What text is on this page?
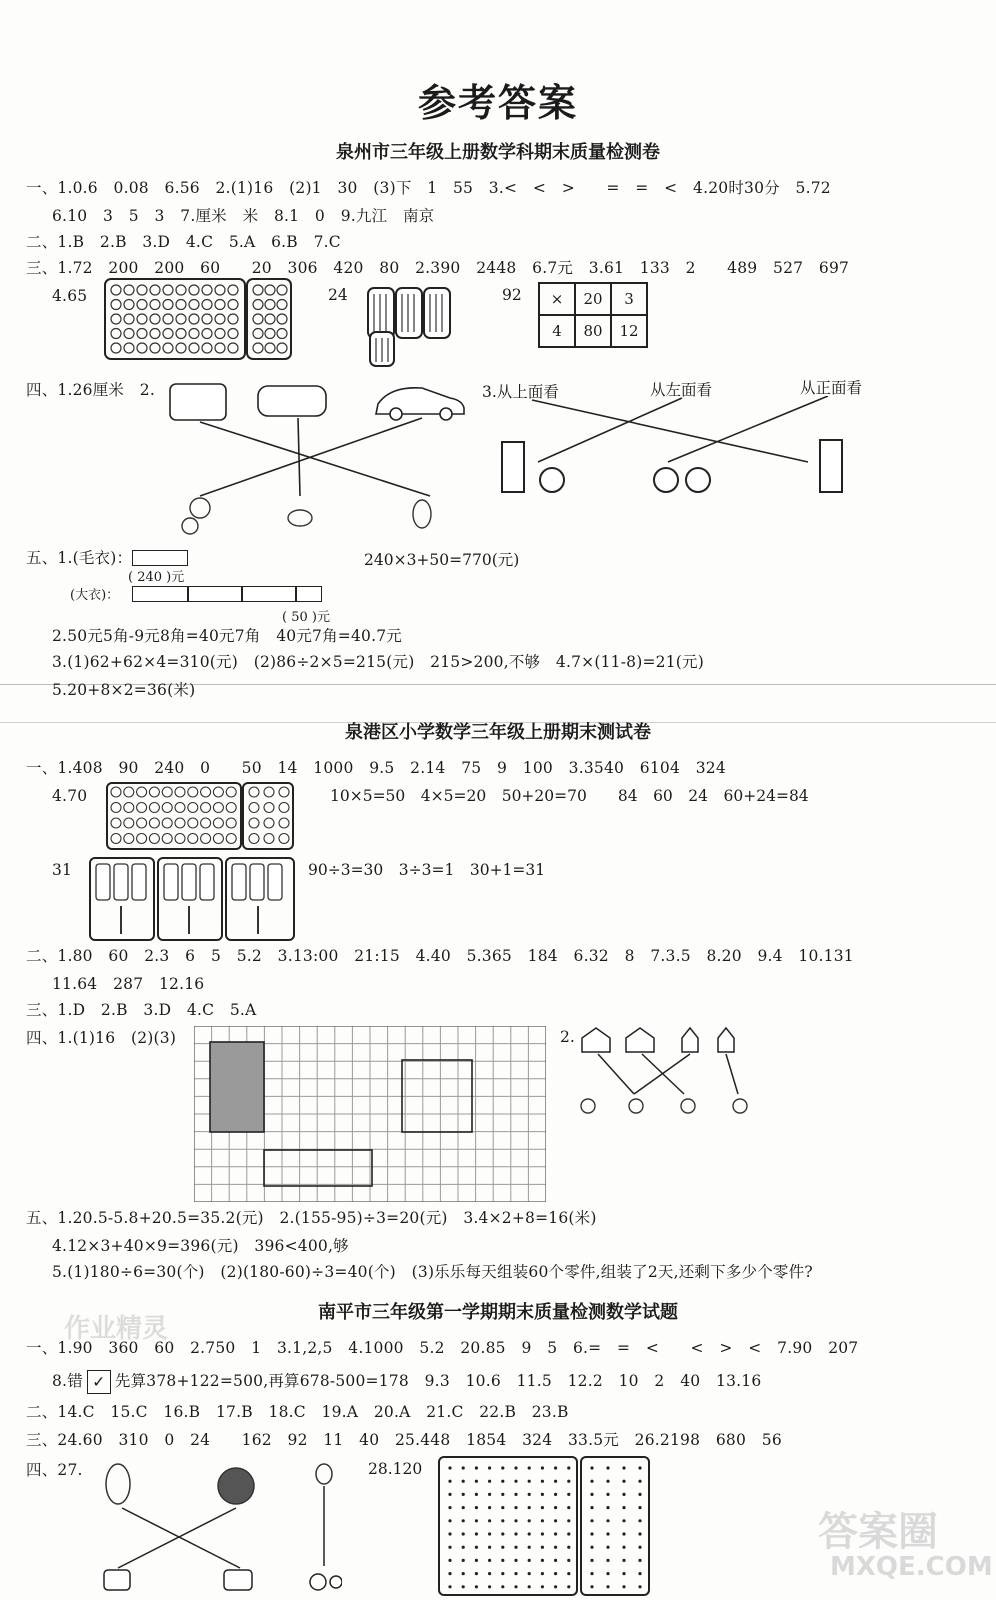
参考答案
泉州市三年级上册数学科期末质量检测卷
一、1.0.6　0.08　6.56　2.(1)16　(2)1　30　(3)下　1　55　3.<　<　>　　=　=　<　4.20时30分　5.72
6.10　3　5　3　7.厘米　米　8.1　0　9.九江　南京
二、1.B　2.B　3.D　4.C　5.A　6.B　7.C
三、1.72　200　200　60　　20　306　420　80　2.390　2448　6.7元　3.61　133　2　　489　527　697
4.65	24	92 ×	20	3
4	80	12
四、1.26厘米　2.	3.从上面看	从左面看	从正面看
五、1.(毛衣)：
( 240 )元
240×3+50=770(元)
(大衣)：
( 50 )元
2.50元5角-9元8角=40元7角　40元7角=40.7元
3.(1)62+62×4=310(元)　(2)86÷2×5=215(元)　215>200,不够　4.7×(11-8)=21(元)
5.20+8×2=36(米)
泉港区小学数学三年级上册期末测试卷
一、1.408　90　240　0　　50　14　1000　9.5　2.14　75　9　100　3.3540　6104　324
4.70	10×5=50　4×5=20　50+20=70　　84　60　24　60+24=84
31	90÷3=30　3÷3=1　30+1=31
二、1.80　60　2.3　6　5　5.2　3.13:00　21:15　4.40　5.365　184　6.32　8　7.3.5　8.20　9.4　10.131
11.64　287　12.16
三、1.D　2.B　3.D　4.C　5.A
四、1.(1)16　(2)(3)	2.
五、1.20.5-5.8+20.5=35.2(元)　2.(155-95)÷3=20(元)　3.4×2+8=16(米)
4.12×3+40×9=396(元)　396<400,够
5.(1)180÷6=30(个)　(2)(180-60)÷3=40(个)　(3)乐乐每天组装60个零件,组装了2天,还剩下多少个零件?
南平市三年级第一学期期末质量检测数学试题
作业精灵
一、1.90　360　60　2.750　1　3.1,2,5　4.1000　5.2　20.85　9　5　6.=　=　<　　<　>　<　7.90　207
8.错 ✓ 先算378+122=500,再算678-500=178　9.3　10.6　11.5　12.2　10　2　40　13.16
二、14.C　15.C　16.B　17.B　18.C　19.A　20.A　21.C　22.B　23.B
三、24.60　310　0　24　　162　92　11　40　25.448　1854　324　33.5元　26.2198　680　56
四、27.	28.120
答案圈
MXQE.COM
